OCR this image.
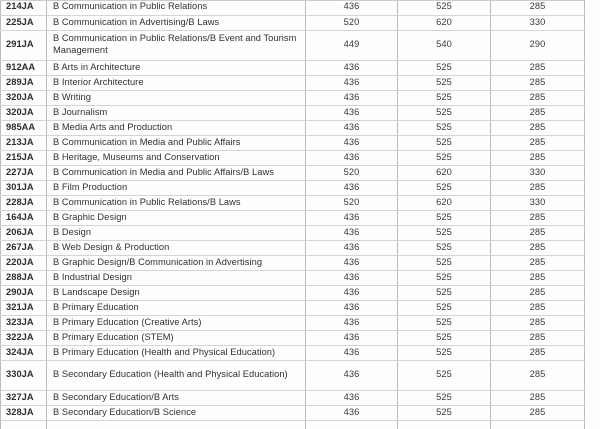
214JA	B Communication in Public Relations	436	525	285
225JA	B Communication in Advertising/B Laws	520	620	330
291JA	B Communication in Public Relations/B Event and Tourism Management	449	540	290
912AA	B Arts in Architecture	436	525	285
289JA	B Interior Architecture	436	525	285
320JA	B Writing	436	525	285
320JA	B Journalism	436	525	285
985AA	B Media Arts and Production	436	525	285
213JA	B Communication in Media and Public Affairs	436	525	285
215JA	B Heritage, Museums and Conservation	436	525	285
227JA	B Communication in Media and Public Affairs/B Laws	520	620	330
301JA	B Film Production	436	525	285
228JA	B Communication in Public Relations/B Laws	520	620	330
164JA	B Graphic Design	436	525	285
206JA	B Design	436	525	285
267JA	B Web Design & Production	436	525	285
220JA	B Graphic Design/B Communication in Advertising	436	525	285
288JA	B Industrial Design	436	525	285
290JA	B Landscape Design	436	525	285
321JA	B Primary Education	436	525	285
323JA	B Primary Education (Creative Arts)	436	525	285
322JA	B Primary Education (STEM)	436	525	285
324JA	B Primary Education (Health and Physical Education)	436	525	285
330JA	B Secondary Education (Health and Physical Education)	436	525	285
327JA	B Secondary Education/B Arts	436	525	285
328JA	B Secondary Education/B Science	436	525	285
